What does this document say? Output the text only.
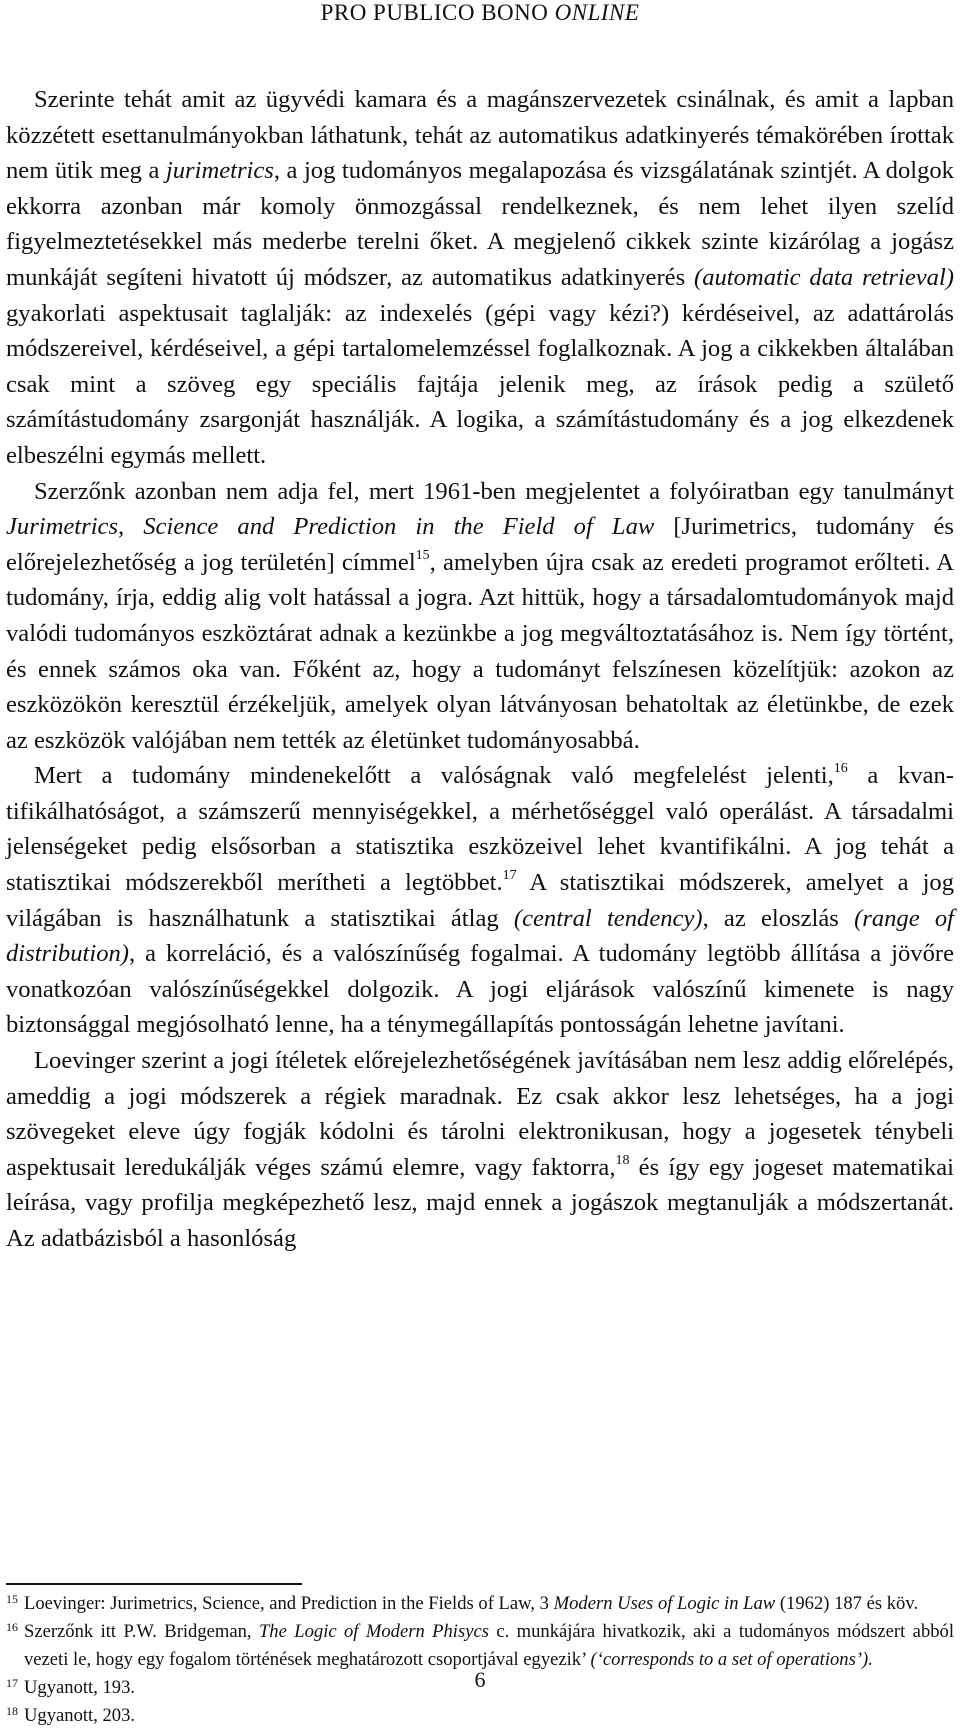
PRO PUBLICO BONO ONLINE

Szerinte tehát amit az ügyvédi kamara és a magánszervezetek csinálnak, és amit a lapban közzétett esettanulmányokban láthatunk, tehát az automatikus adatkinyerés témakörében írottak nem ütik meg a jurimetrics, a jog tudományos megalapozása és vizsgálatának szintjét. A dolgok ekkorra azonban már komoly önmozgással rendelkeznek, és nem lehet ilyen szelíd figyelmeztetésekkel más mederbe terelni őket. A megjelenő cikkek szinte kizárólag a jogász munkáját segíteni hivatott új módszer, az automatikus adatkinyerés (automatic data retrieval) gyakorlati aspektusait taglalják: az indexelés (gépi vagy kézi?) kérdéseivel, az adattárolás módszereivel, kérdéseivel, a gépi tartalomelemzéssel foglalkoznak. A jog a cikkekben általában csak mint a szöveg egy speciális fajtája jelenik meg, az írások pedig a születő számítástudomány zsargonját használják. A logika, a számítástudomány és a jog elkezdenek elbeszélni egymás mellett.

Szerzőnk azonban nem adja fel, mert 1961-ben megjelentet a folyóiratban egy tanulmányt Jurimetrics, Science and Prediction in the Field of Law [Jurimetrics, tudomány és előrejelezhetőség a jog területén] címmel$^{15}$, amelyben újra csak az eredeti programot erőlteti. A tudomány, írja, eddig alig volt hatással a jogra. Azt hittük, hogy a társadalomtudományok majd valódi tudományos eszköztárat adnak a kezünkbe a jog megváltoztatásához is. Nem így történt, és ennek számos oka van. Főként az, hogy a tudományt felszínesen közelítjük: azokon az eszközökön keresztül érzékeljük, amelyek olyan látványosan behatoltak az életünkbe, de ezek az eszközök valójában nem tették az életünket tudományosabbá.

Mert a tudomány mindenekelőtt a valóságnak való megfelelést jelenti,$^{16}$ a kvantifikálhatóságot, a számszerű mennyiségekkel, a mérhetőséggel való operálást. A társadalmi jelenségeket pedig elsősorban a statisztika eszközeivel lehet kvantifikálni. A jog tehát a statisztikai módszerekből merítheti a legtöbbet.$^{17}$ A statisztikai módszerek, amelyet a jog világában is használhatunk a statisztikai átlag (central tendency), az eloszlás (range of distribution), a korreláció, és a valószínűség fogalmai. A tudomány legtöbb állítása a jövőre vonatkozóan valószínűségekkel dolgozik. A jogi eljárások valószínű kimenete is nagy biztonsággal megjósolható lenne, ha a ténymegállapítás pontosságán lehetne javítani.

Loevinger szerint a jogi ítéletek előrejelezhetőségének javításában nem lesz addig előrelépés, ameddig a jogi módszerek a régiek maradnak. Ez csak akkor lesz lehetséges, ha a jogi szövegeket eleve úgy fogják kódolni és tárolni elektronikusan, hogy a jogesetek ténybeli aspektusait leredukálják véges számú elemre, vagy faktorra,$^{18}$ és így egy jogeset matematikai leírása, vagy profilja megképezhető lesz, majd ennek a jogászok megtanulják a módszertanát. Az adatbázisból a hasonlóság

15 Loevinger: Jurimetrics, Science, and Prediction in the Fields of Law, 3 Modern Uses of Logic in Law (1962) 187 és köv.
16 Szerzőnk itt P.W. Bridgeman, The Logic of Modern Phisycs c. munkájára hivatkozik, aki a tudományos módszert abból vezeti le, hogy egy fogalom történések meghatározott csoportjával egyezik’ (‘corresponds to a set of operations’).
17 Ugyanott, 193.
18 Ugyanott, 203.
6
